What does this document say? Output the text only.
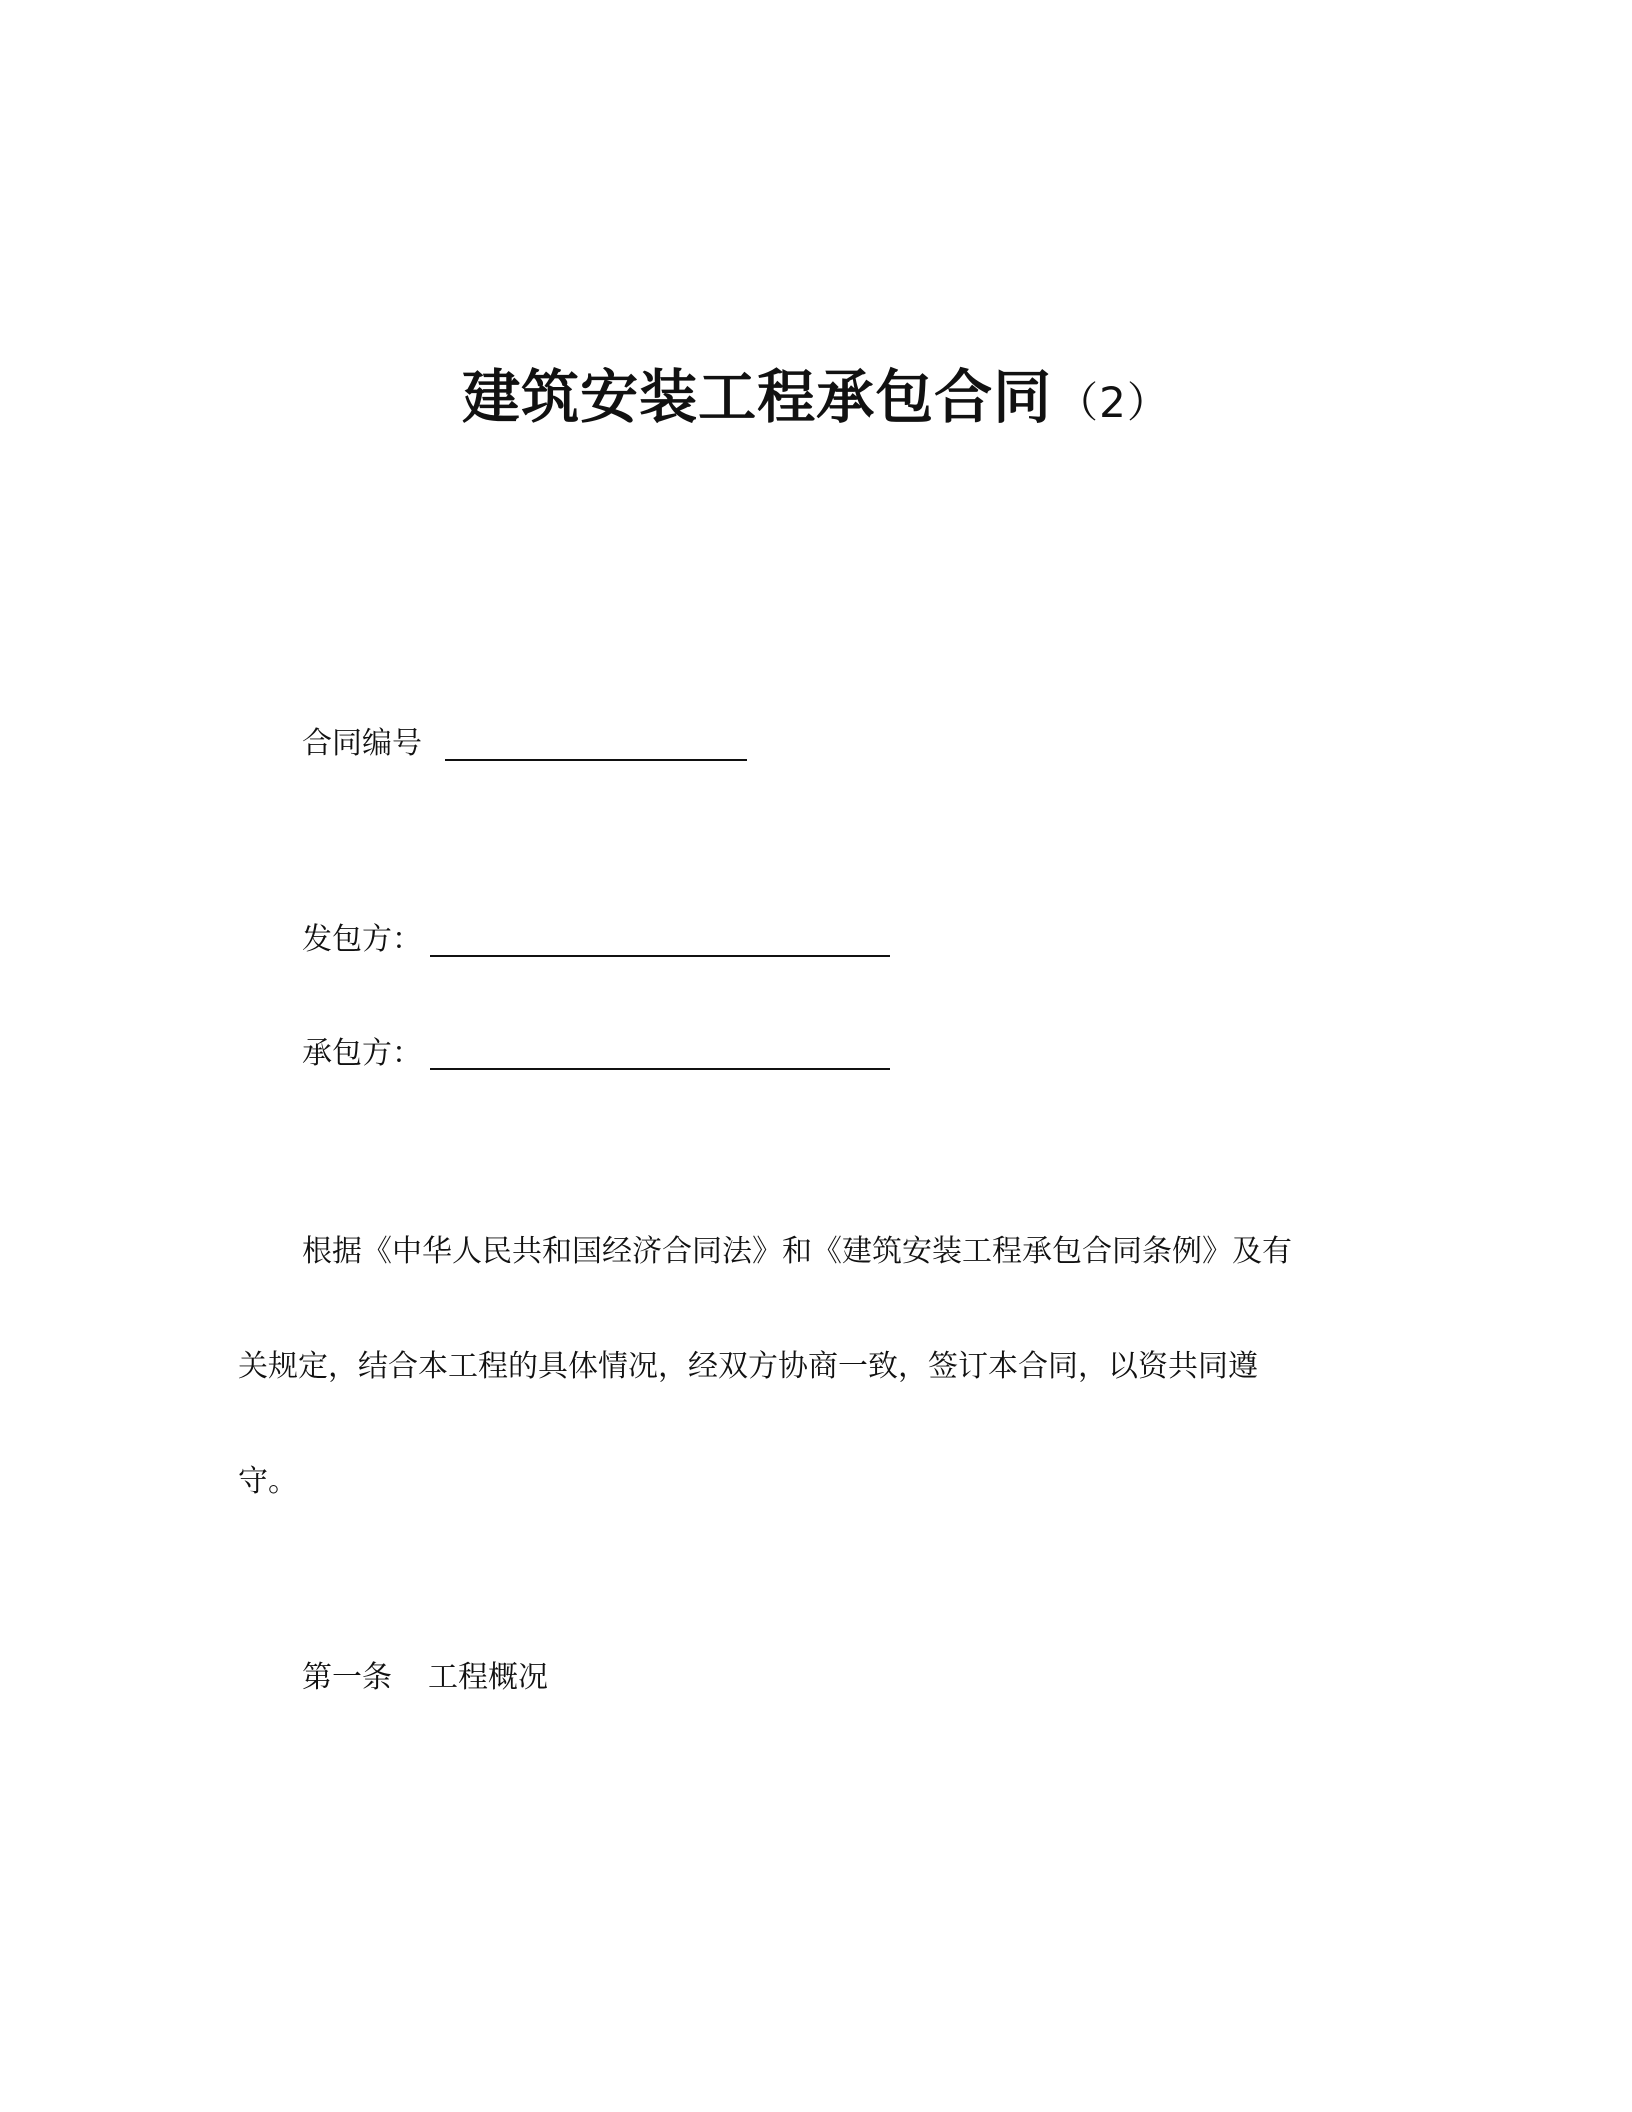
建筑安装工程承包合同（2）
合同编号
发包方：
承包方：
根据《中华人民共和国经济合同法》和《建筑安装工程承包合同条例》及有
关规定，结合本工程的具体情况，经双方协商一致，签订本合同，以资共同遵
守。
第一条 工程概况
